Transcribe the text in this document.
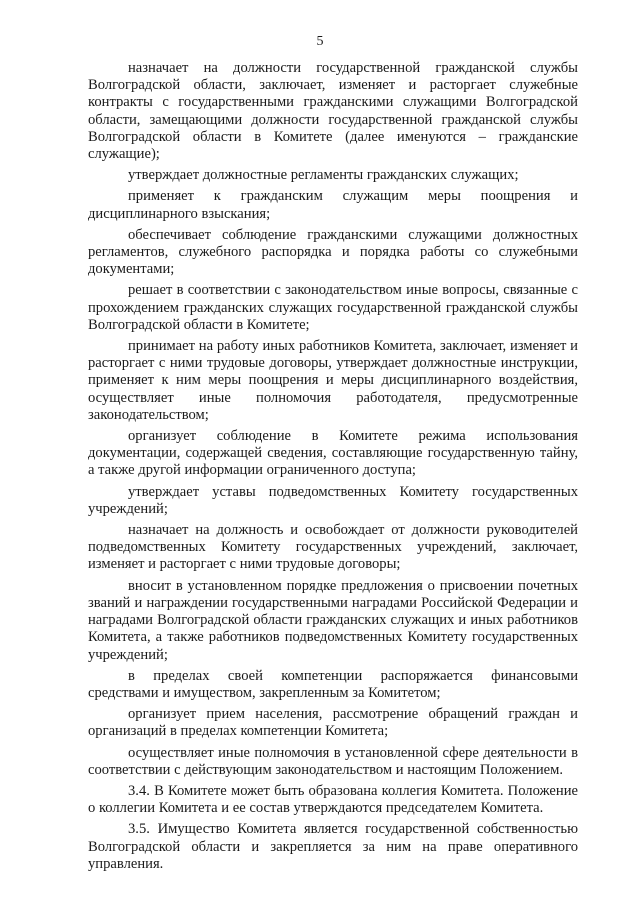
5

назначает на должности государственной гражданской службы Волгоградской области, заключает, изменяет и расторгает служебные контракты с государственными гражданскими служащими Волгоградской области, замещающими должности государственной гражданской службы Волгоградской области в Комитете (далее именуются – гражданские служащие);

утверждает должностные регламенты гражданских служащих;

применяет к гражданским служащим меры поощрения и дисциплинарного взыскания;

обеспечивает соблюдение гражданскими служащими должностных регламентов, служебного распорядка и порядка работы со служебными документами;

решает в соответствии с законодательством иные вопросы, связанные с прохождением гражданских служащих государственной гражданской службы Волгоградской области в Комитете;

принимает на работу иных работников Комитета, заключает, изменяет и расторгает с ними трудовые договоры, утверждает должностные инструкции, применяет к ним меры поощрения и меры дисциплинарного воздействия, осуществляет иные полномочия работодателя, предусмотренные законодательством;

организует соблюдение в Комитете режима использования документации, содержащей сведения, составляющие государственную тайну, а также другой информации ограниченного доступа;

утверждает уставы подведомственных Комитету государственных учреждений;

назначает на должность и освобождает от должности руководителей подведомственных Комитету государственных учреждений, заключает, изменяет и расторгает с ними трудовые договоры;

вносит в установленном порядке предложения о присвоении почетных званий и награждении государственными наградами Российской Федерации и наградами Волгоградской области гражданских служащих и иных работников Комитета, а также работников подведомственных Комитету государственных учреждений;

в пределах своей компетенции распоряжается финансовыми средствами и имуществом, закрепленным за Комитетом;

организует прием населения, рассмотрение обращений граждан и организаций в пределах компетенции Комитета;

осуществляет иные полномочия в установленной сфере деятельности в соответствии с действующим законодательством и настоящим Положением.

3.4. В Комитете может быть образована коллегия Комитета. Положение о коллегии Комитета и ее состав утверждаются председателем Комитета.

3.5. Имущество Комитета является государственной собственностью Волгоградской области и закрепляется за ним на праве оперативного управления.
